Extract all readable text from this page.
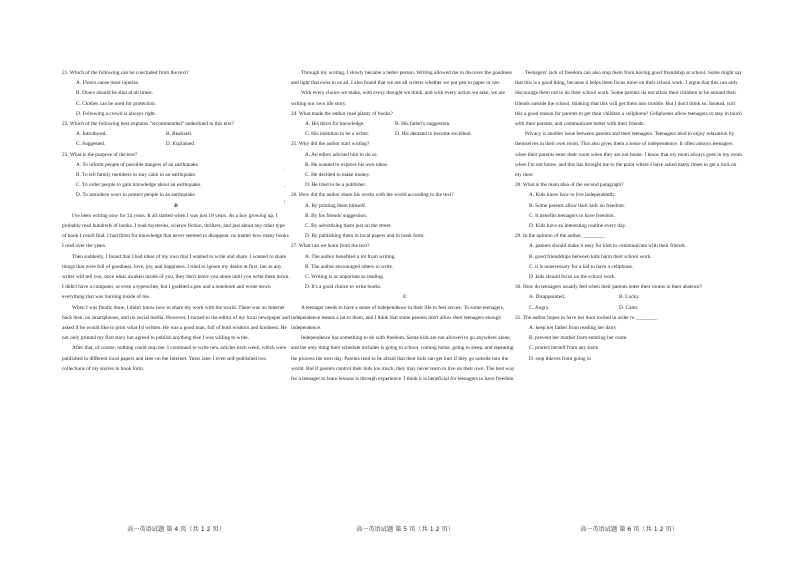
21. Which of the following can be concluded from the text?

A. Floors cause most injuries.

B. Doors should be shut at all times.

C. Clothes can be used for protection.

D. Following a crowd is always right.

22. Which of the following best explains "recommended" underlined in this text?

A. Introduced.	B. Realized.
C. Suggested.	D. Explained.

23. What is the purpose of the text?

A. To inform people of possible dangers of an earthquake.

B. To tell family members to stay calm in an earthquake.

C. To order people to gain knowledge about an earthquake.

D. To introduce ways to protect people in an earthquake.

B

I've been writing now for 34 years. It all started when I was just 18 years. As a boy growing up, I probably read hundreds of books. I read mysteries, science fiction, thrillers, and just about any other type of book I could find. I had thirst for knowledge that never seemed to disappear, no matter how many books I read over the years.

Then suddenly, I found that I had ideas of my own that I wanted to write and share. I wanted to share things that were full of goodness, love, joy, and happiness. I tried to ignore my desire at first, but as any writer will tell you, once ideas awaken inside of you, they don't leave you alone until you write them down. I didn't have a computer, or even a typewriter, but I grabbed a pen and a notebook and wrote down everything that was burning inside of me.

When I was finally done, I didn't know how to share my work with the world. There was no Internet back then, no smartphones, and no social media. However, I turned to the editor of my local newspaper and asked if he would like to print what I'd written. He was a good man, full of both wisdom and kindness. He not only printed my first story but agreed to publish anything else I was willing to write.

After that, of course, nothing could stop me. I continued to write new articles each week, which were published in different local papers and later on the Internet. Years later I even self-published two collections of my stories in book form.

Through my writing, I slowly became a better person. Writing allowed me to discover the goodness and light that exist in us all. I also found that we are all writers whether we put pen to paper or not.

With every choice we make, with every thought we think, and with every action we take, we are writing our own life story.

24. What made the author read plenty of books?

A. His thirst for knowledge.	B. His father's suggestion.
C. His intention to be a writer.	D. His demand to become excellent.

25. Why did the author start writing?

A. An editor advised him to do so.

B. He wanted to express his own ideas.

C. He decided to make money.

D. He tried to be a publisher.

26. How did the author share his works with the world according to the text?

A. By printing them himself.

B. By his friends' suggestion.

C. By advertising them just on the street.

D. By publishing them in local papers and in book form.

27. What can we learn from the text?

A. The author benefited a lot from writing.

B. The author encouraged others to write.

C. Writing is as important as reading.

D. It's a good choice to write books.

C

A teenager needs to have a sense of independence in their life to feel secure. To some teenagers, independence means a lot to them, and I think that some parents don't allow their teenagers enough independence.

Independence has something to do with freedom. Some kids are not allowed to go anywhere alone, and the only thing their schedule includes is going to school, coming home, going to sleep, and repeating the process the next day. Parents tend to be afraid that their kids can get hurt if they go outside into the world. But if parents control their kids too much, they may never learn to live on their own. The best way for a teenager to learn lessons is through experience. I think it is beneficial for teenagers to have freedom.

Teenagers' lack of freedom can also stop them from having good friendship at school. Some might say that this is a good thing, because it helps them focus more on their school work. I argue that this can only discourage them not to do their school work. Some parents do not allow their children to be around their friends outside the school, thinking that this will get them into trouble. But I don't think so. Instead, isn't this a good reason for parents to get their children a cellphone? Cellphones allow teenagers to stay in touch with their parents, and communicate better with their friends.

Privacy is another issue between parents and their teenagers. Teenagers tend to enjoy relaxation by themselves in their own room. This also gives them a sense of independence. It often annoys teenagers when their parents enter their room when they are not home. I know that my mom always goes in my room when I'm not home, and this has brought me to the point where I have asked many times to get a lock on my door.

28. What is the main idea of the second paragraph?

A. Kids know how to live independently.

B. Some parents allow their kids no freedom.

C. It benefits teenagers to have freedom.

D. Kids have an interesting routine every day.

29. In the opinion of the author, ________

A. parents should make it easy for kids to communicate with their friends.

B. good friendships between kids harm their school work.

C. it is unnecessary for a kid to have a cellphone.

D. kids should focus on the school work.

30. How do teenagers usually feel when their parents enter their rooms in their absence?

A. Disappointed.	B. Lucky.
C. Angry.	D. Calm.

31. The author hopes to have her door locked in order to ________

A. keep her father from reading her dairy

B. prevent her mother from entering her room

C. protect herself from any harm

D. stop thieves from going in

:

-

!
高一英语试题 第 4 页（共 1 2 页）	高一英语试题 第 5 页（共 1 2 页）	高一英语试题 第 6 页（共 1 2 页）
